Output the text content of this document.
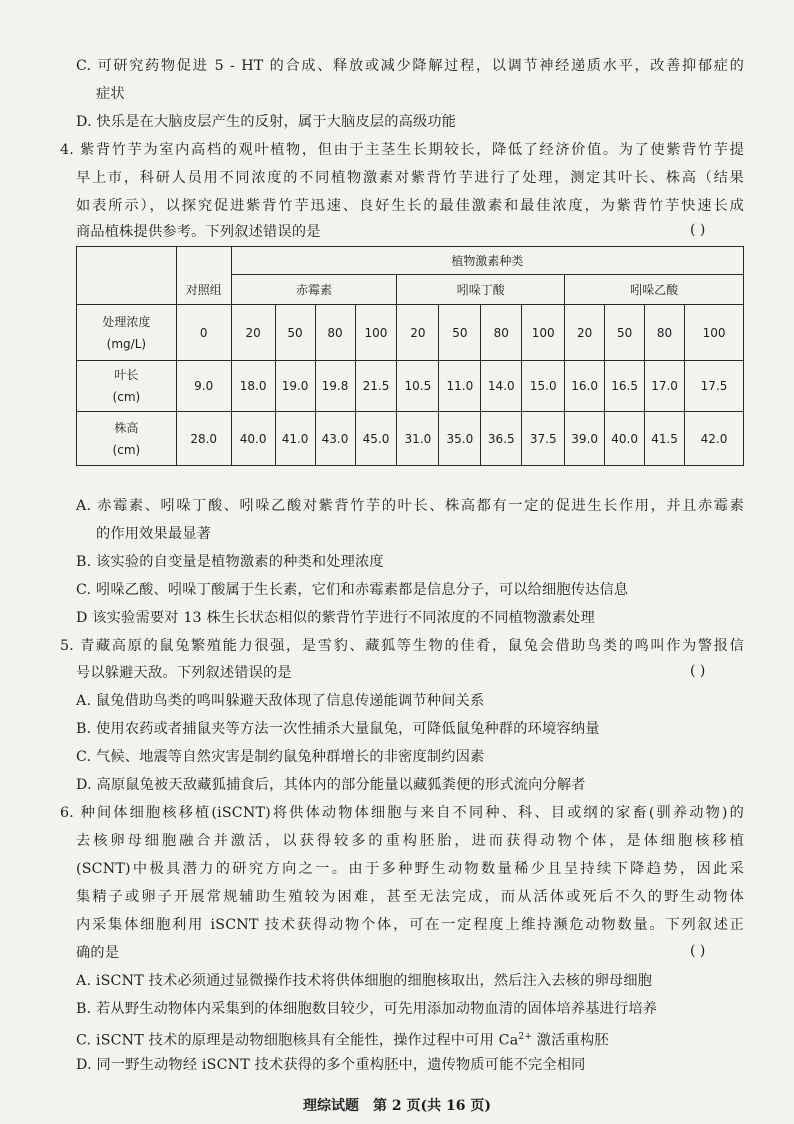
C. 可研究药物促进 5 - HT 的合成、释放或减少降解过程，以调节神经递质水平，改善抑郁症的
症状
D. 快乐是在大脑皮层产生的反射，属于大脑皮层的高级功能
4. 紫背竹芋为室内高档的观叶植物，但由于主茎生长期较长，降低了经济价值。为了使紫背竹芋提
早上市，科研人员用不同浓度的不同植物激素对紫背竹芋进行了处理，测定其叶长、株高（结果
如表所示），以探究促进紫背竹芋迅速、良好生长的最佳激素和最佳浓度，为紫背竹芋快速长成
商品植株提供参考。下列叙述错误的是	( )
		植物激素种类											
	对照组	赤霉素				吲哚丁酸				吲哚乙酸			
处理浓度
(mg/L)	0	20	50	80	100	20	50	80	100	20	50	80	100
叶长
(cm)	9.0	18.0	19.0	19.8	21.5	10.5	11.0	14.0	15.0	16.0	16.5	17.0	17.5
株高
(cm)	28.0	40.0	41.0	43.0	45.0	31.0	35.0	36.5	37.5	39.0	40.0	41.5	42.0
A. 赤霉素、吲哚丁酸、吲哚乙酸对紫背竹芋的叶长、株高都有一定的促进生长作用，并且赤霉素
的作用效果最显著
B. 该实验的自变量是植物激素的种类和处理浓度
C. 吲哚乙酸、吲哚丁酸属于生长素，它们和赤霉素都是信息分子，可以给细胞传达信息
D 该实验需要对 13 株生长状态相似的紫背竹芋进行不同浓度的不同植物激素处理
5. 青藏高原的鼠兔繁殖能力很强，是雪豹、藏狐等生物的佳肴，鼠兔会借助鸟类的鸣叫作为警报信
号以躲避天敌。下列叙述错误的是	( )
A. 鼠兔借助鸟类的鸣叫躲避天敌体现了信息传递能调节种间关系
B. 使用农药或者捕鼠夹等方法一次性捕杀大量鼠兔，可降低鼠兔种群的环境容纳量
C. 气候、地震等自然灾害是制约鼠兔种群增长的非密度制约因素
D. 高原鼠兔被天敌藏狐捕食后，其体内的部分能量以藏狐粪便的形式流向分解者
6. 种间体细胞核移植(iSCNT)将供体动物体细胞与来自不同种、科、目或纲的家畜(驯养动物)的
去核卵母细胞融合并激活，以获得较多的重构胚胎，进而获得动物个体，是体细胞核移植
(SCNT)中极具潜力的研究方向之一。由于多种野生动物数量稀少且呈持续下降趋势，因此采
集精子或卵子开展常规辅助生殖较为困难，甚至无法完成，而从活体或死后不久的野生动物体
内采集体细胞利用 iSCNT 技术获得动物个体，可在一定程度上维持濒危动物数量。下列叙述正
确的是	( )
A. iSCNT 技术必须通过显微操作技术将供体细胞的细胞核取出，然后注入去核的卵母细胞
B. 若从野生动物体内采集到的体细胞数目较少，可先用添加动物血清的固体培养基进行培养
C. iSCNT 技术的原理是动物细胞核具有全能性，操作过程中可用 $Ca^{2+}$ 激活重构胚
D. 同一野生动物经 iSCNT 技术获得的多个重构胚中，遗传物质可能不完全相同
理综试题　第 2 页(共 16 页)
